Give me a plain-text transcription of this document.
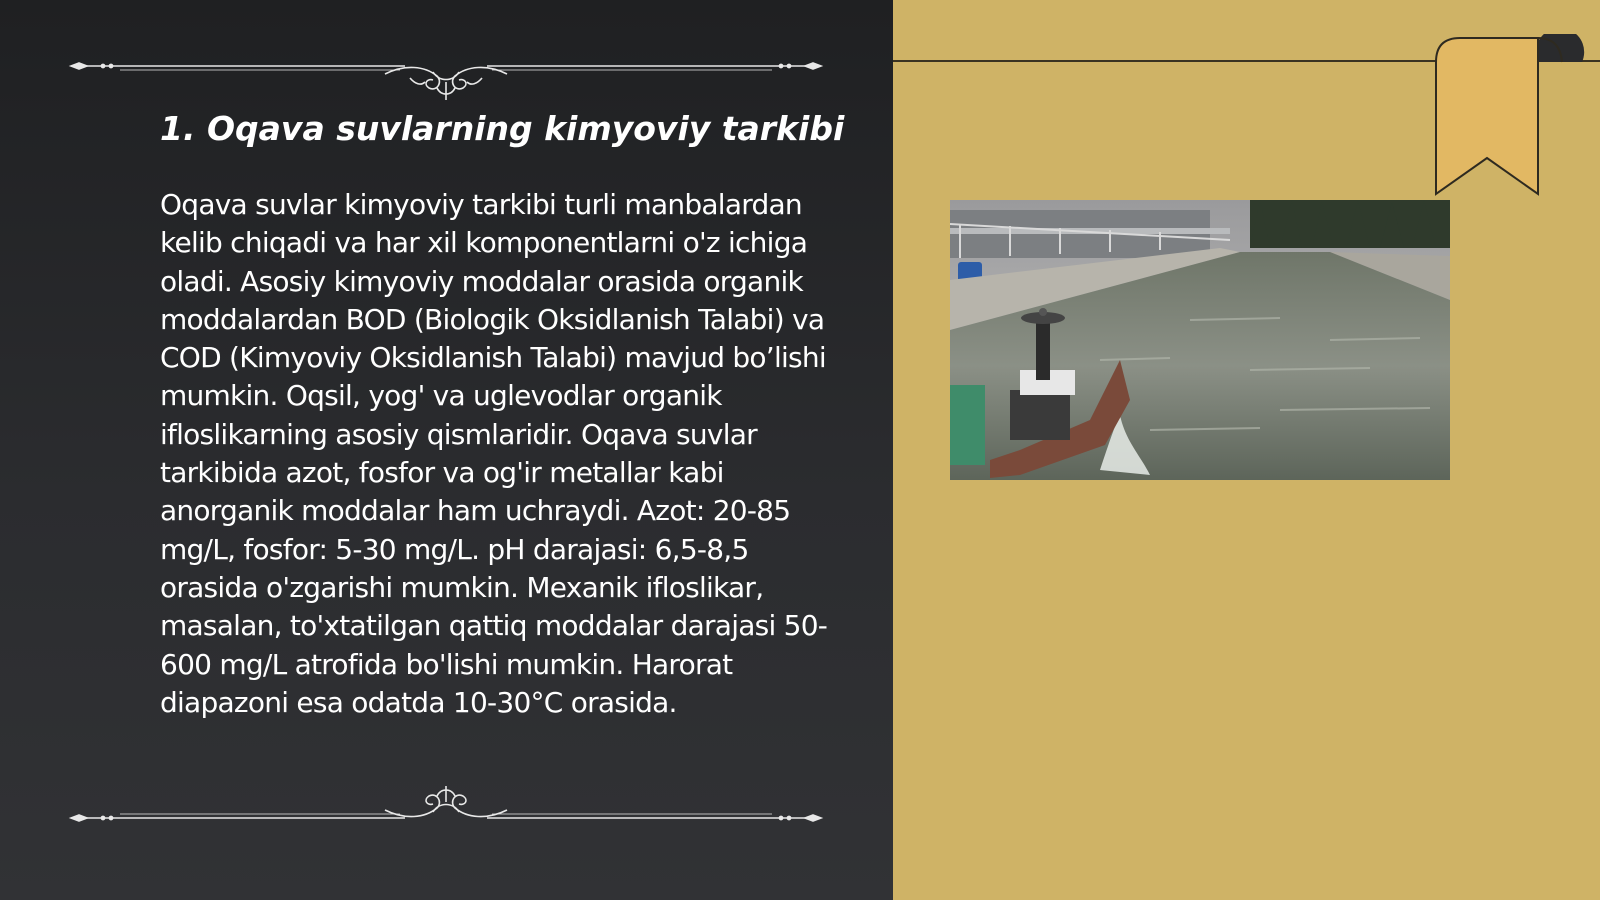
1. Oqava suvlarning kimyoviy tarkibi

Oqava suvlar kimyoviy tarkibi turli manbalardan kelib chiqadi va har xil komponentlarni o'z ichiga oladi. Asosiy kimyoviy moddalar orasida organik moddalardan BOD (Biologik Oksidlanish Talabi) va COD (Kimyoviy Oksidlanish Talabi) mavjud bo’lishi mumkin. Oqsil, yog' va uglevodlar organik ifloslikarning asosiy qismlaridir. Oqava suvlar tarkibida azot, fosfor va og'ir metallar kabi anorganik moddalar ham uchraydi. Azot: 20-85 mg/L, fosfor: 5-30 mg/L. pH darajasi: 6,5-8,5 orasida o'zgarishi mumkin. Mexanik ifloslikar, masalan, to'xtatilgan qattiq moddalar darajasi 50-600 mg/L atrofida bo'lishi mumkin. Harorat diapazoni esa odatda 10-30°C orasida.
